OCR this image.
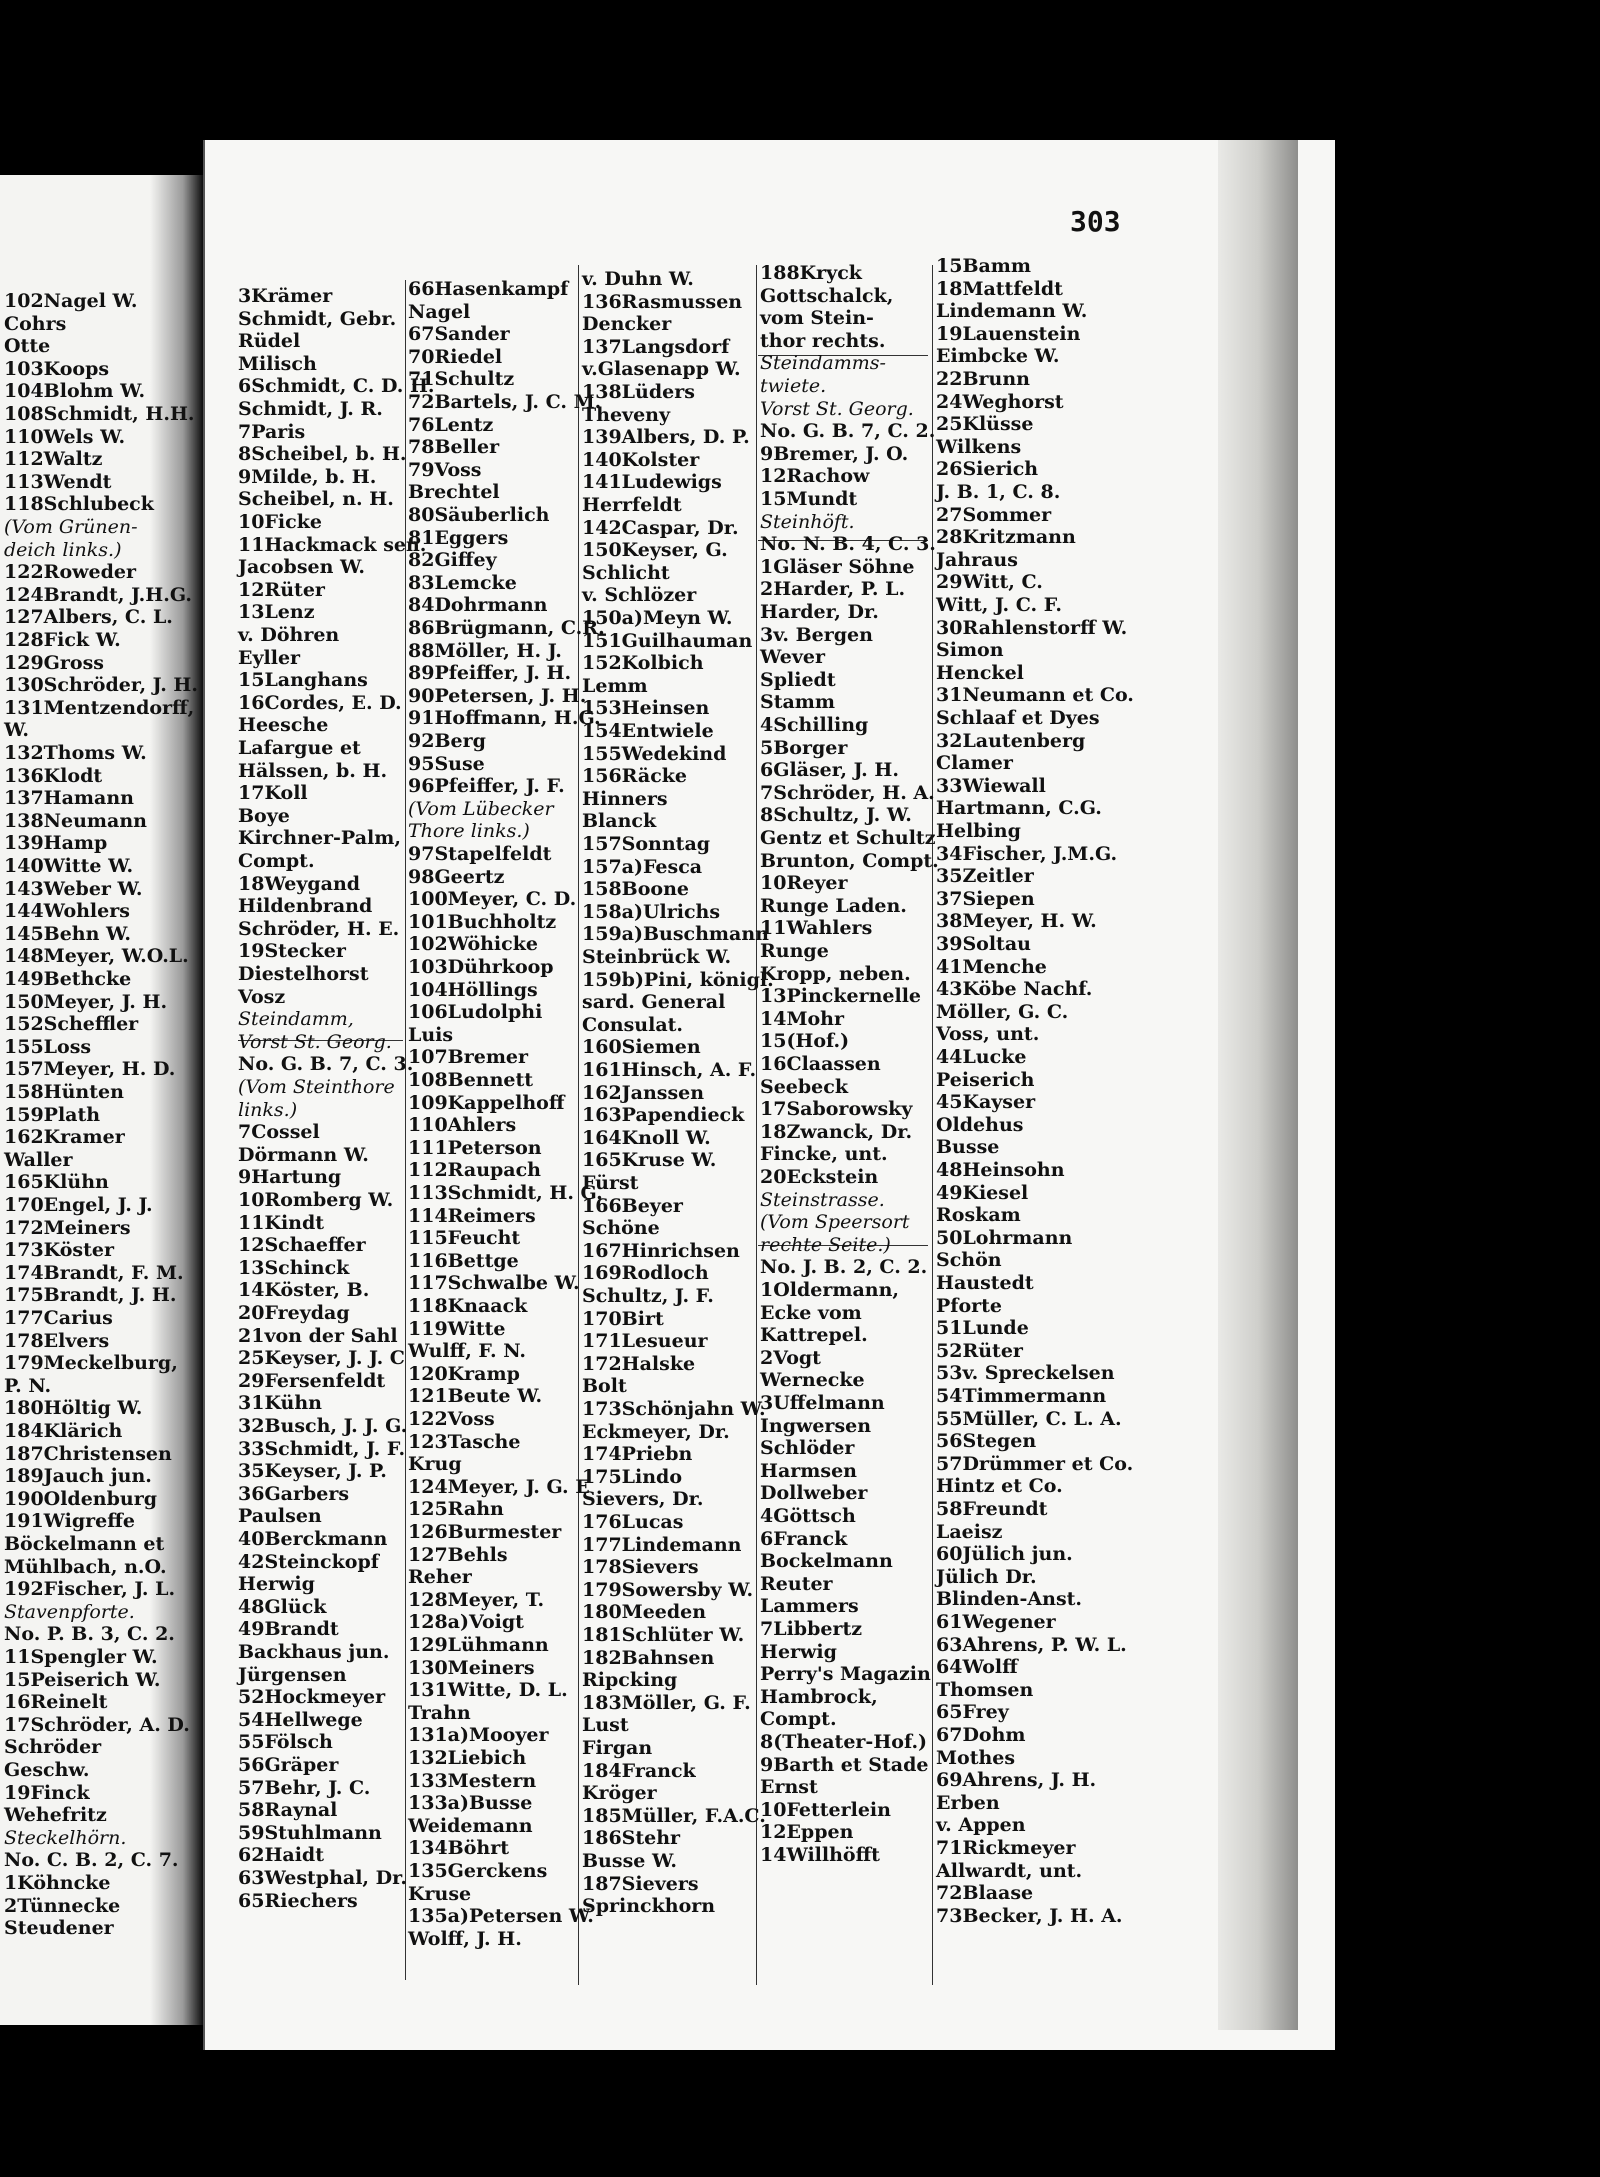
303
102Nagel W.
Cohrs
Otte
103Koops
104Blohm W.
108Schmidt, H.H.
110Wels W.
112Waltz
113Wendt
118Schlubeck
(Vom Grünen-
deich links.)
122Roweder
124Brandt, J.H.G.
127Albers, C. L.
128Fick W.
129Gross
130Schröder, J. H.
131Mentzendorff,
W.
132Thoms W.
136Klodt
137Hamann
138Neumann
139Hamp
140Witte W.
143Weber W.
144Wohlers
145Behn W.
148Meyer, W.O.L.
149Bethcke
150Meyer, J. H.
152Scheffler
155Loss
157Meyer, H. D.
158Hünten
159Plath
162Kramer
Waller
165Klühn
170Engel, J. J.
172Meiners
173Köster
174Brandt, F. M.
175Brandt, J. H.
177Carius
178Elvers
179Meckelburg,
P. N.
180Höltig W.
184Klärich
187Christensen
189Jauch jun.
190Oldenburg
191Wigreffe
Böckelmann et
Mühlbach, n.O.
192Fischer, J. L.
Stavenpforte.
No. P. B. 3, C. 2.
11Spengler W.
15Peiserich W.
16Reinelt
17Schröder, A. D.
Schröder
Geschw.
19Finck
Wehefritz
Steckelhörn.
No. C. B. 2, C. 7.
1Köhncke
2Tünnecke
Steudener
3Krämer
Schmidt, Gebr.
Rüdel
Milisch
6Schmidt, C. D. H.
Schmidt, J. R.
7Paris
8Scheibel, b. H.
9Milde, b. H.
Scheibel, n. H.
10Ficke
11Hackmack sen.
Jacobsen W.
12Rüter
13Lenz
v. Döhren
Eyller
15Langhans
16Cordes, E. D.
Heesche
Lafargue et
Hälssen, b. H.
17Koll
Boye
Kirchner-Palm,
Compt.
18Weygand
Hildenbrand
Schröder, H. E.
19Stecker
Diestelhorst
Vosz
Steindamm,
Vorst St. Georg.
No. G. B. 7, C. 3.
(Vom Steinthore
links.)
7Cossel
Dörmann W.
9Hartung
10Romberg W.
11Kindt
12Schaeffer
13Schinck
14Köster, B.
20Freydag
21von der Sahl
25Keyser, J. J. C
29Fersenfeldt
31Kühn
32Busch, J. J. G.
33Schmidt, J. F.
35Keyser, J. P.
36Garbers
Paulsen
40Berckmann
42Steinckopf
Herwig
48Glück
49Brandt
Backhaus jun.
Jürgensen
52Hockmeyer
54Hellwege
55Fölsch
56Gräper
57Behr, J. C.
58Raynal
59Stuhlmann
62Haidt
63Westphal, Dr.
65Riechers
66Hasenkampf
Nagel
67Sander
70Riedel
71Schultz
72Bartels, J. C. M.
76Lentz
78Beller
79Voss
Brechtel
80Säuberlich
81Eggers
82Giffey
83Lemcke
84Dohrmann
86Brügmann, C.R.
88Möller, H. J.
89Pfeiffer, J. H.
90Petersen, J. H.
91Hoffmann, H.G.
92Berg
95Suse
96Pfeiffer, J. F.
(Vom Lübecker
Thore links.)
97Stapelfeldt
98Geertz
100Meyer, C. D.
101Buchholtz
102Wöhicke
103Dührkoop
104Höllings
106Ludolphi
Luis
107Bremer
108Bennett
109Kappelhoff
110Ahlers
111Peterson
112Raupach
113Schmidt, H. G.
114Reimers
115Feucht
116Bettge
117Schwalbe W.
118Knaack
119Witte
Wulff, F. N.
120Kramp
121Beute W.
122Voss
123Tasche
Krug
124Meyer, J. G. E
125Rahn
126Burmester
127Behls
Reher
128Meyer, T.
128a)Voigt
129Lühmann
130Meiners
131Witte, D. L.
Trahn
131a)Mooyer
132Liebich
133Mestern
133a)Busse
Weidemann
134Böhrt
135Gerckens
Kruse
135a)Petersen W.
Wolff, J. H.
v. Duhn W.
136Rasmussen
Dencker
137Langsdorf
v.Glasenapp W.
138Lüders
Theveny
139Albers, D. P.
140Kolster
141Ludewigs
Herrfeldt
142Caspar, Dr.
150Keyser, G.
Schlicht
v. Schlözer
150a)Meyn W.
151Guilhauman
152Kolbich
Lemm
153Heinsen
154Entwiele
155Wedekind
156Räcke
Hinners
Blanck
157Sonntag
157a)Fesca
158Boone
158a)Ulrichs
159a)Buschmann
Steinbrück W.
159b)Pini, königl.
sard. General
Consulat.
160Siemen
161Hinsch, A. F.
162Janssen
163Papendieck
164Knoll W.
165Kruse W.
Fürst
166Beyer
Schöne
167Hinrichsen
169Rodloch
Schultz, J. F.
170Birt
171Lesueur
172Halske
Bolt
173Schönjahn W.
Eckmeyer, Dr.
174Priebn
175Lindo
Sievers, Dr.
176Lucas
177Lindemann
178Sievers
179Sowersby W.
180Meeden
181Schlüter W.
182Bahnsen
Ripcking
183Möller, G. F.
Lust
Firgan
184Franck
Kröger
185Müller, F.A.C.
186Stehr
Busse W.
187Sievers
Sprinckhorn
188Kryck
Gottschalck,
vom Stein-
thor rechts.
Steindamms-
twiete.
Vorst St. Georg.
No. G. B. 7, C. 2.
9Bremer, J. O.
12Rachow
15Mundt
Steinhöft.
No. N. B. 4, C. 3.
1Gläser Söhne
2Harder, P. L.
Harder, Dr.
3v. Bergen
Wever
Spliedt
Stamm
4Schilling
5Borger
6Gläser, J. H.
7Schröder, H. A.
8Schultz, J. W.
Gentz et Schultz
Brunton, Compt.
10Reyer
Runge Laden.
11Wahlers
Runge
Kropp, neben.
13Pinckernelle
14Mohr
15(Hof.)
16Claassen
Seebeck
17Saborowsky
18Zwanck, Dr.
Fincke, unt.
20Eckstein
Steinstrasse.
(Vom Speersort
rechte Seite.)
No. J. B. 2, C. 2.
1Oldermann,
Ecke vom
Kattrepel.
2Vogt
Wernecke
3Uffelmann
Ingwersen
Schlöder
Harmsen
Dollweber
4Göttsch
6Franck
Bockelmann
Reuter
Lammers
7Libbertz
Herwig
Perry's Magazin
Hambrock,
Compt.
8(Theater-Hof.)
9Barth et Stade
Ernst
10Fetterlein
12Eppen
14Willhöfft
15Bamm
18Mattfeldt
Lindemann W.
19Lauenstein
Eimbcke W.
22Brunn
24Weghorst
25Klüsse
Wilkens
26Sierich
J. B. 1, C. 8.
27Sommer
28Kritzmann
Jahraus
29Witt, C.
Witt, J. C. F.
30Rahlenstorff W.
Simon
Henckel
31Neumann et Co.
Schlaaf et Dyes
32Lautenberg
Clamer
33Wiewall
Hartmann, C.G.
Helbing
34Fischer, J.M.G.
35Zeitler
37Siepen
38Meyer, H. W.
39Soltau
41Menche
43Köbe Nachf.
Möller, G. C.
Voss, unt.
44Lucke
Peiserich
45Kayser
Oldehus
Busse
48Heinsohn
49Kiesel
Roskam
50Lohrmann
Schön
Haustedt
Pforte
51Lunde
52Rüter
53v. Spreckelsen
54Timmermann
55Müller, C. L. A.
56Stegen
57Drümmer et Co.
Hintz et Co.
58Freundt
Laeisz
60Jülich jun.
Jülich Dr.
Blinden-Anst.
61Wegener
63Ahrens, P. W. L.
64Wolff
Thomsen
65Frey
67Dohm
Mothes
69Ahrens, J. H.
Erben
v. Appen
71Rickmeyer
Allwardt, unt.
72Blaase
73Becker, J. H. A.
